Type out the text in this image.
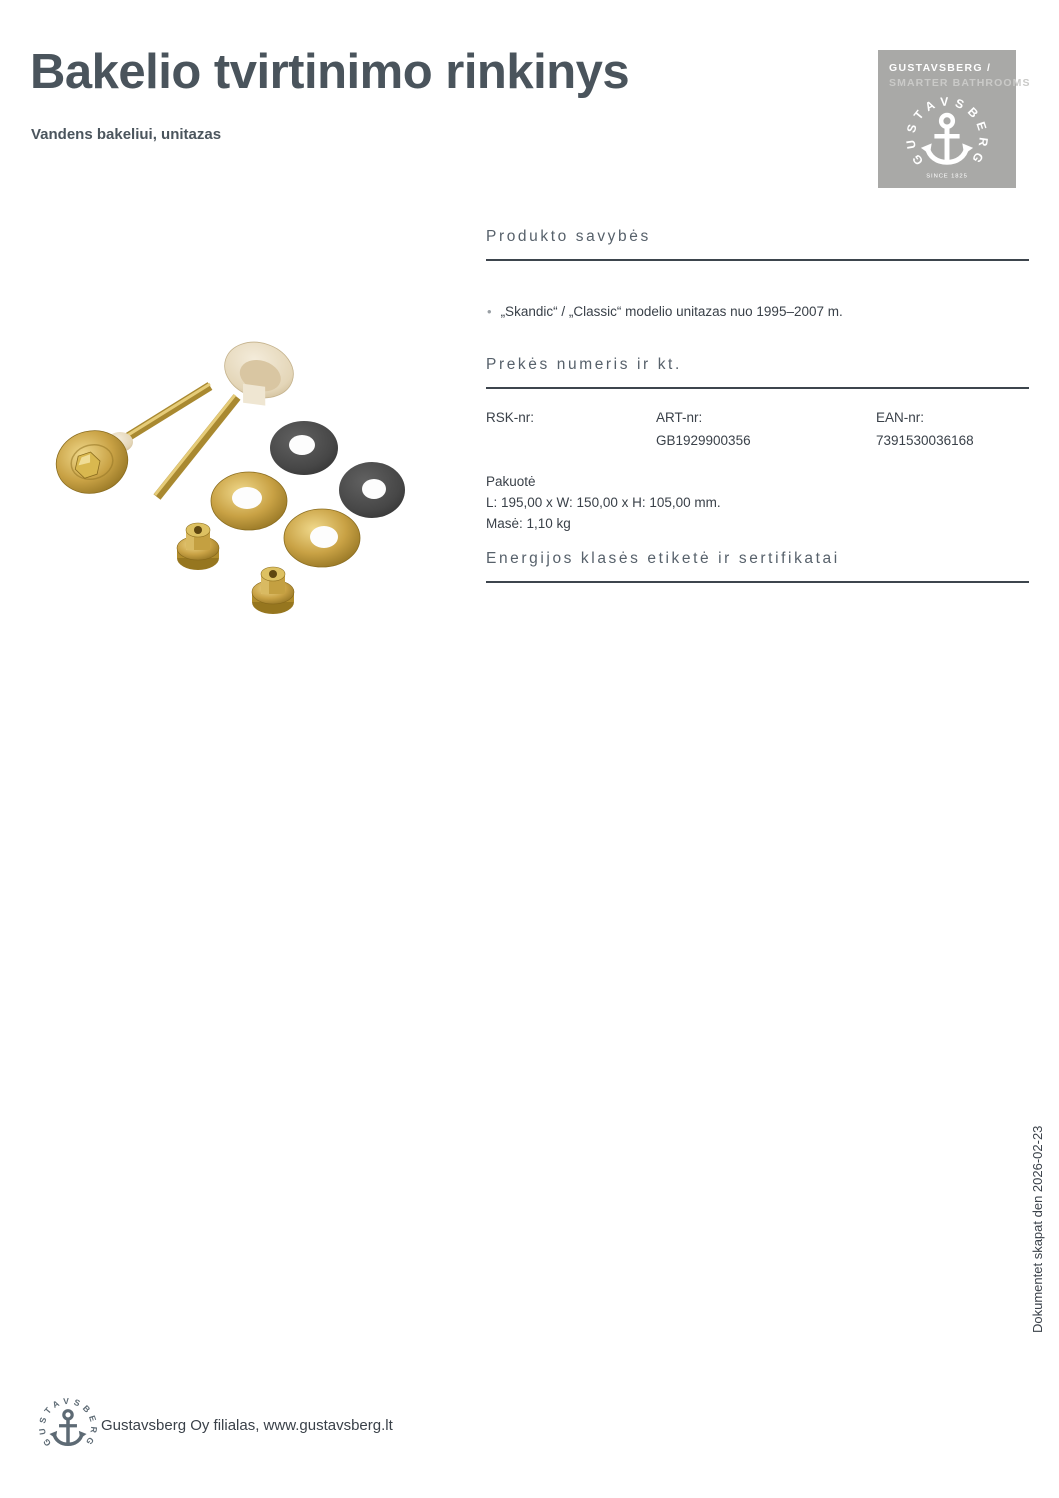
Bakelio tvirtinimo rinkinys
Vandens bakeliui, unitazas
GUSTAVSBERG /
SMARTER BATHROOMS
GUSTAVSBERG
SINCE 1825
Produkto savybės
• „Skandic“ / „Classic“ modelio unitazas nuo 1995–2007 m.
Prekės numeris ir kt.
RSK-nr:	ART-nr:
GB1929900356
EAN-nr:
7391530036168
Pakuotė
L: 195,00 x W: 150,00 x H: 105,00 mm.
Masė: 1,10 kg
Energijos klasės etiketė ir sertifikatai
Dokumentet skapat den 2026-02-23
GUSTAVSBERG
Gustavsberg Oy filialas, www.gustavsberg.lt
